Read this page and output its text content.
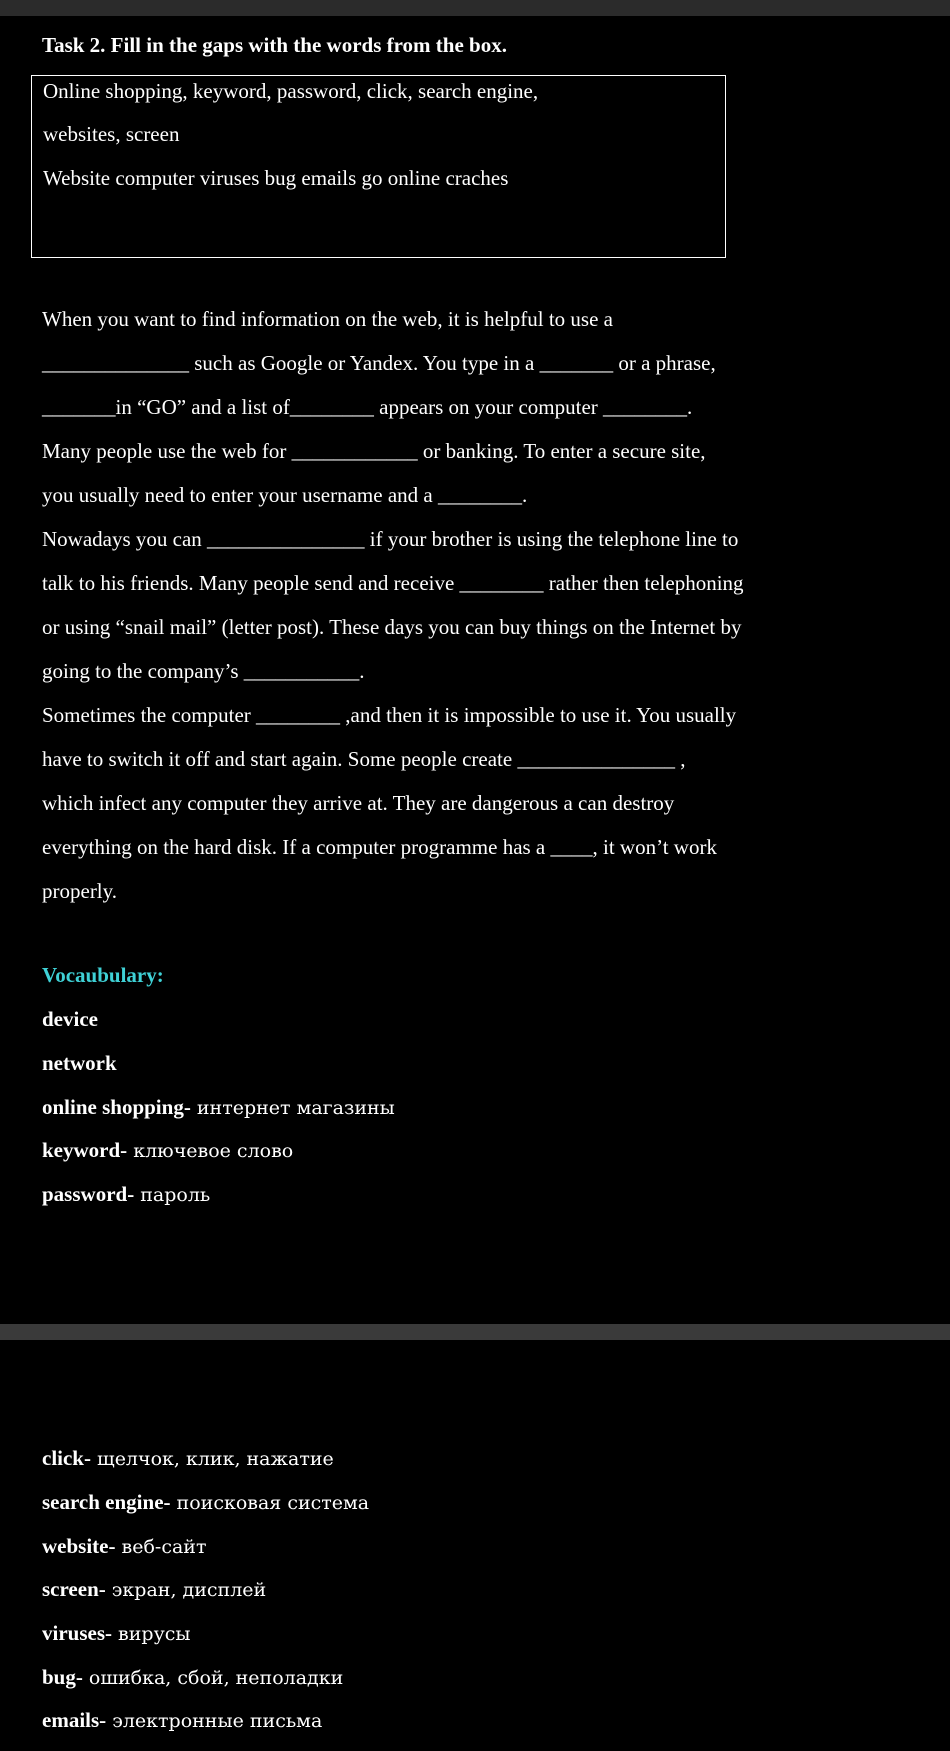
Task 2. Fill in the gaps with the words from the box.
Online shopping, keyword, password, click, search engine,
websites, screen
Website computer viruses bug emails go online craches
When you want to find information on the web, it is helpful to use a
______________ such as Google or Yandex. You type in a _______ or a phrase,
_______in “GO” and a list of________ appears on your computer ________.
Many people use the web for ____________ or banking. To enter a secure site,
you usually need to enter your username and a ________.
Nowadays you can _______________ if your brother is using the telephone line to
talk to his friends. Many people send and receive ________ rather then telephoning
or using “snail mail” (letter post). These days you can buy things on the Internet by
going to the company’s ___________.
Sometimes the computer ________ ,and then it is impossible to use it. You usually
have to switch it off and start again. Some people create _______________ ,
which infect any computer they arrive at. They are dangerous a can destroy
everything on the hard disk. If a computer programme has a ____, it won’t work
properly.
Vocaubulary:
device
network
online shopping- интернет магазины
keyword- ключевое слово
password- пароль
click- щелчок, клик, нажатие
search engine- поисковая система
website- веб-сайт
screen- экран, дисплей
viruses- вирусы
bug- ошибка, сбой, неполадки
emails- электронные письма
